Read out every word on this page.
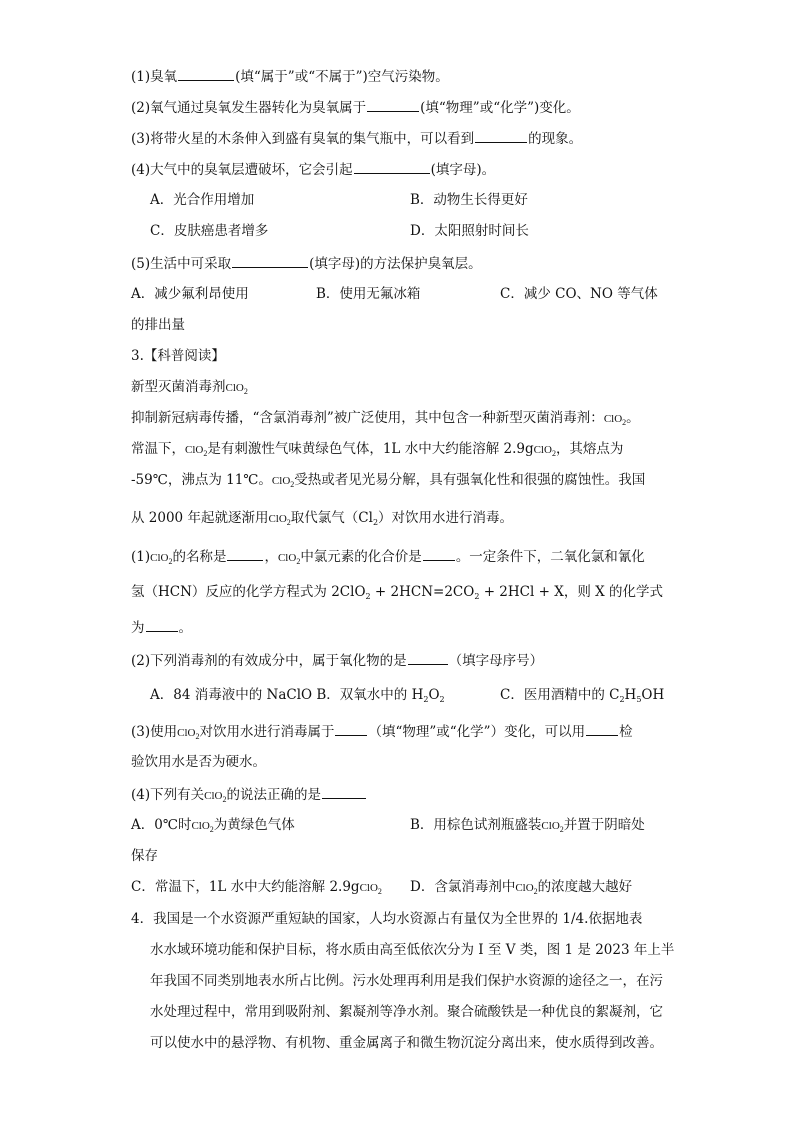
(1)臭氧	(填“属于”或“不属于”)空气污染物。
(2)氧气通过臭氧发生器转化为臭氧属于	(填“物理”或“化学”)变化。
(3)将带火星的木条伸入到盛有臭氧的集气瓶中，可以看到	的现象。
(4)大气中的臭氧层遭破坏，它会引起	(填字母)。
A．光合作用增加	B．动物生长得更好
C．皮肤癌患者增多	D．太阳照射时间长
(5)生活中可采取	(填字母)的方法保护臭氧层。
A．减少氟利昂使用	B．使用无氟冰箱	C．减少 CO、NO 等气体
的排出量
3.【科普阅读】
新型灭菌消毒剂ClO$_2$
抑制新冠病毒传播，“含氯消毒剂”被广泛使用，其中包含一种新型灭菌消毒剂：ClO$_2$。
常温下，ClO$_2$是有刺激性气味黄绿色气体，1L 水中大约能溶解 2.9gClO$_2$，其熔点为
-59℃，沸点为 11℃。ClO$_2$受热或者见光易分解，具有强氧化性和很强的腐蚀性。我国
从 2000 年起就逐渐用ClO$_2$取代氯气$(Cl_2)$对饮用水进行消毒。
(1)ClO$_2$的名称是	，ClO$_2$中氯元素的化合价是	。一定条件下，二氧化氯和氰化
氢（HCN）反应的化学方程式为 $2ClO_2 + 2HCN=2CO_2 + 2HCl + X$，则 X 的化学式
为	。
(2)下列消毒剂的有效成分中，属于氧化物的是	（填字母序号）
A．84 消毒液中的 NaClO B．双氧水中的 $H_2O_2$	C．医用酒精中的 $C_2H_5OH$
(3)使用ClO$_2$对饮用水进行消毒属于	（填“物理”或“化学”）变化，可以用	检
验饮用水是否为硬水。
(4)下列有关ClO$_2$的说法正确的是
A．0℃时ClO$_2$为黄绿色气体	B．用棕色试剂瓶盛装ClO$_2$并置于阴暗处
保存
C．常温下，1L 水中大约能溶解 2.9gClO$_2$ D．含氯消毒剂中ClO$_2$的浓度越大越好
4．我国是一个水资源严重短缺的国家，人均水资源占有量仅为全世界的 1/4.依据地表
水水域环境功能和保护目标，将水质由高至低依次分为 I 至 V 类，图 1 是 2023 年上半
年我国不同类别地表水所占比例。污水处理再利用是我们保护水资源的途径之一，在污
水处理过程中，常用到吸附剂、絮凝剂等净水剂。聚合硫酸铁是一种优良的絮凝剂，它
可以使水中的悬浮物、有机物、重金属离子和微生物沉淀分离出来，使水质得到改善。
